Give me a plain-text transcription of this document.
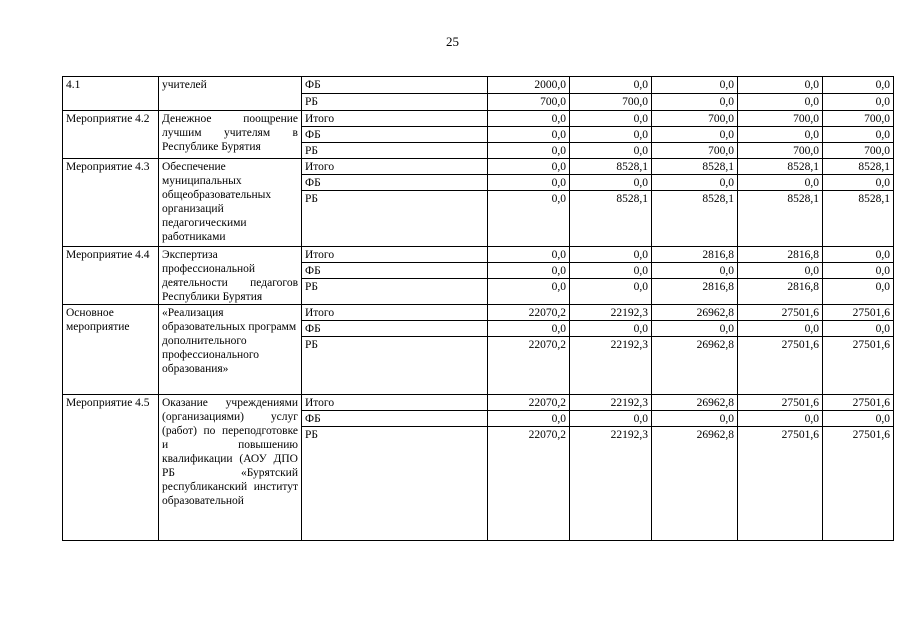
25
4.1	учителей	ФБ	2000,0	0,0	0,0	0,0	0,0
		РБ	700,0	700,0	0,0	0,0	0,0
Мероприятие 4.2	Денежное поощрение лучшим учителям в Республике Бурятия	Итого	0,0	0,0	700,0	700,0	700,0
		ФБ	0,0	0,0	0,0	0,0	0,0
		РБ	0,0	0,0	700,0	700,0	700,0
Мероприятие 4.3	Обеспечение муниципальных общеобразовательных организаций педагогическими работниками	Итого	0,0	8528,1	8528,1	8528,1	8528,1
		ФБ	0,0	0,0	0,0	0,0	0,0
		РБ	0,0	8528,1	8528,1	8528,1	8528,1
Мероприятие 4.4	Экспертиза профессиональной деятельности педагогов Республики Бурятия	Итого	0,0	0,0	2816,8	2816,8	0,0
		ФБ	0,0	0,0	0,0	0,0	0,0
		РБ	0,0	0,0	2816,8	2816,8	0,0
Основное мероприятие	«Реализация образовательных программ дополнительного профессионального образования»	Итого	22070,2	22192,3	26962,8	27501,6	27501,6
		ФБ	0,0	0,0	0,0	0,0	0,0
		РБ	22070,2	22192,3	26962,8	27501,6	27501,6
Мероприятие 4.5	Оказание учреждениями (организациями) услуг (работ) по переподготовке и повышению квалификации (АОУ ДПО РБ «Бурятский республиканский институт образовательной	Итого	22070,2	22192,3	26962,8	27501,6	27501,6
		ФБ	0,0	0,0	0,0	0,0	0,0
		РБ	22070,2	22192,3	26962,8	27501,6	27501,6
